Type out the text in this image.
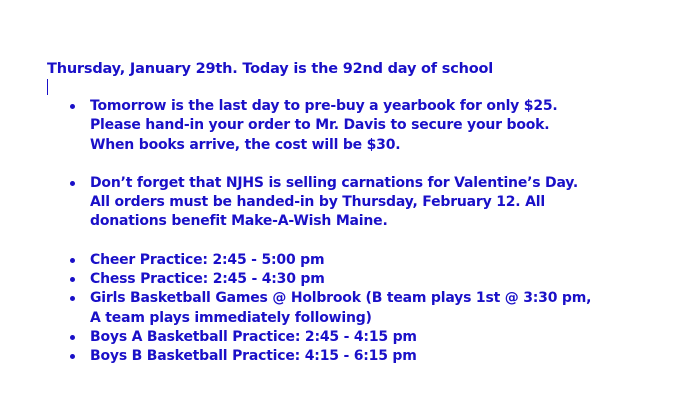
Thursday, January 29th. Today is the 92nd day of school
Tomorrow is the last day to pre-buy a yearbook for only $25.
Please hand-in your order to Mr. Davis to secure your book.
When books arrive, the cost will be $30.
Don’t forget that NJHS is selling carnations for Valentine’s Day.
All orders must be handed-in by Thursday, February 12. All
donations benefit Make-A-Wish Maine.
Cheer Practice: 2:45 - 5:00 pm
Chess Practice: 2:45 - 4:30 pm
Girls Basketball Games @ Holbrook (B team plays 1st @ 3:30 pm,
A team plays immediately following)
Boys A Basketball Practice: 2:45 - 4:15 pm
Boys B Basketball Practice: 4:15 - 6:15 pm
